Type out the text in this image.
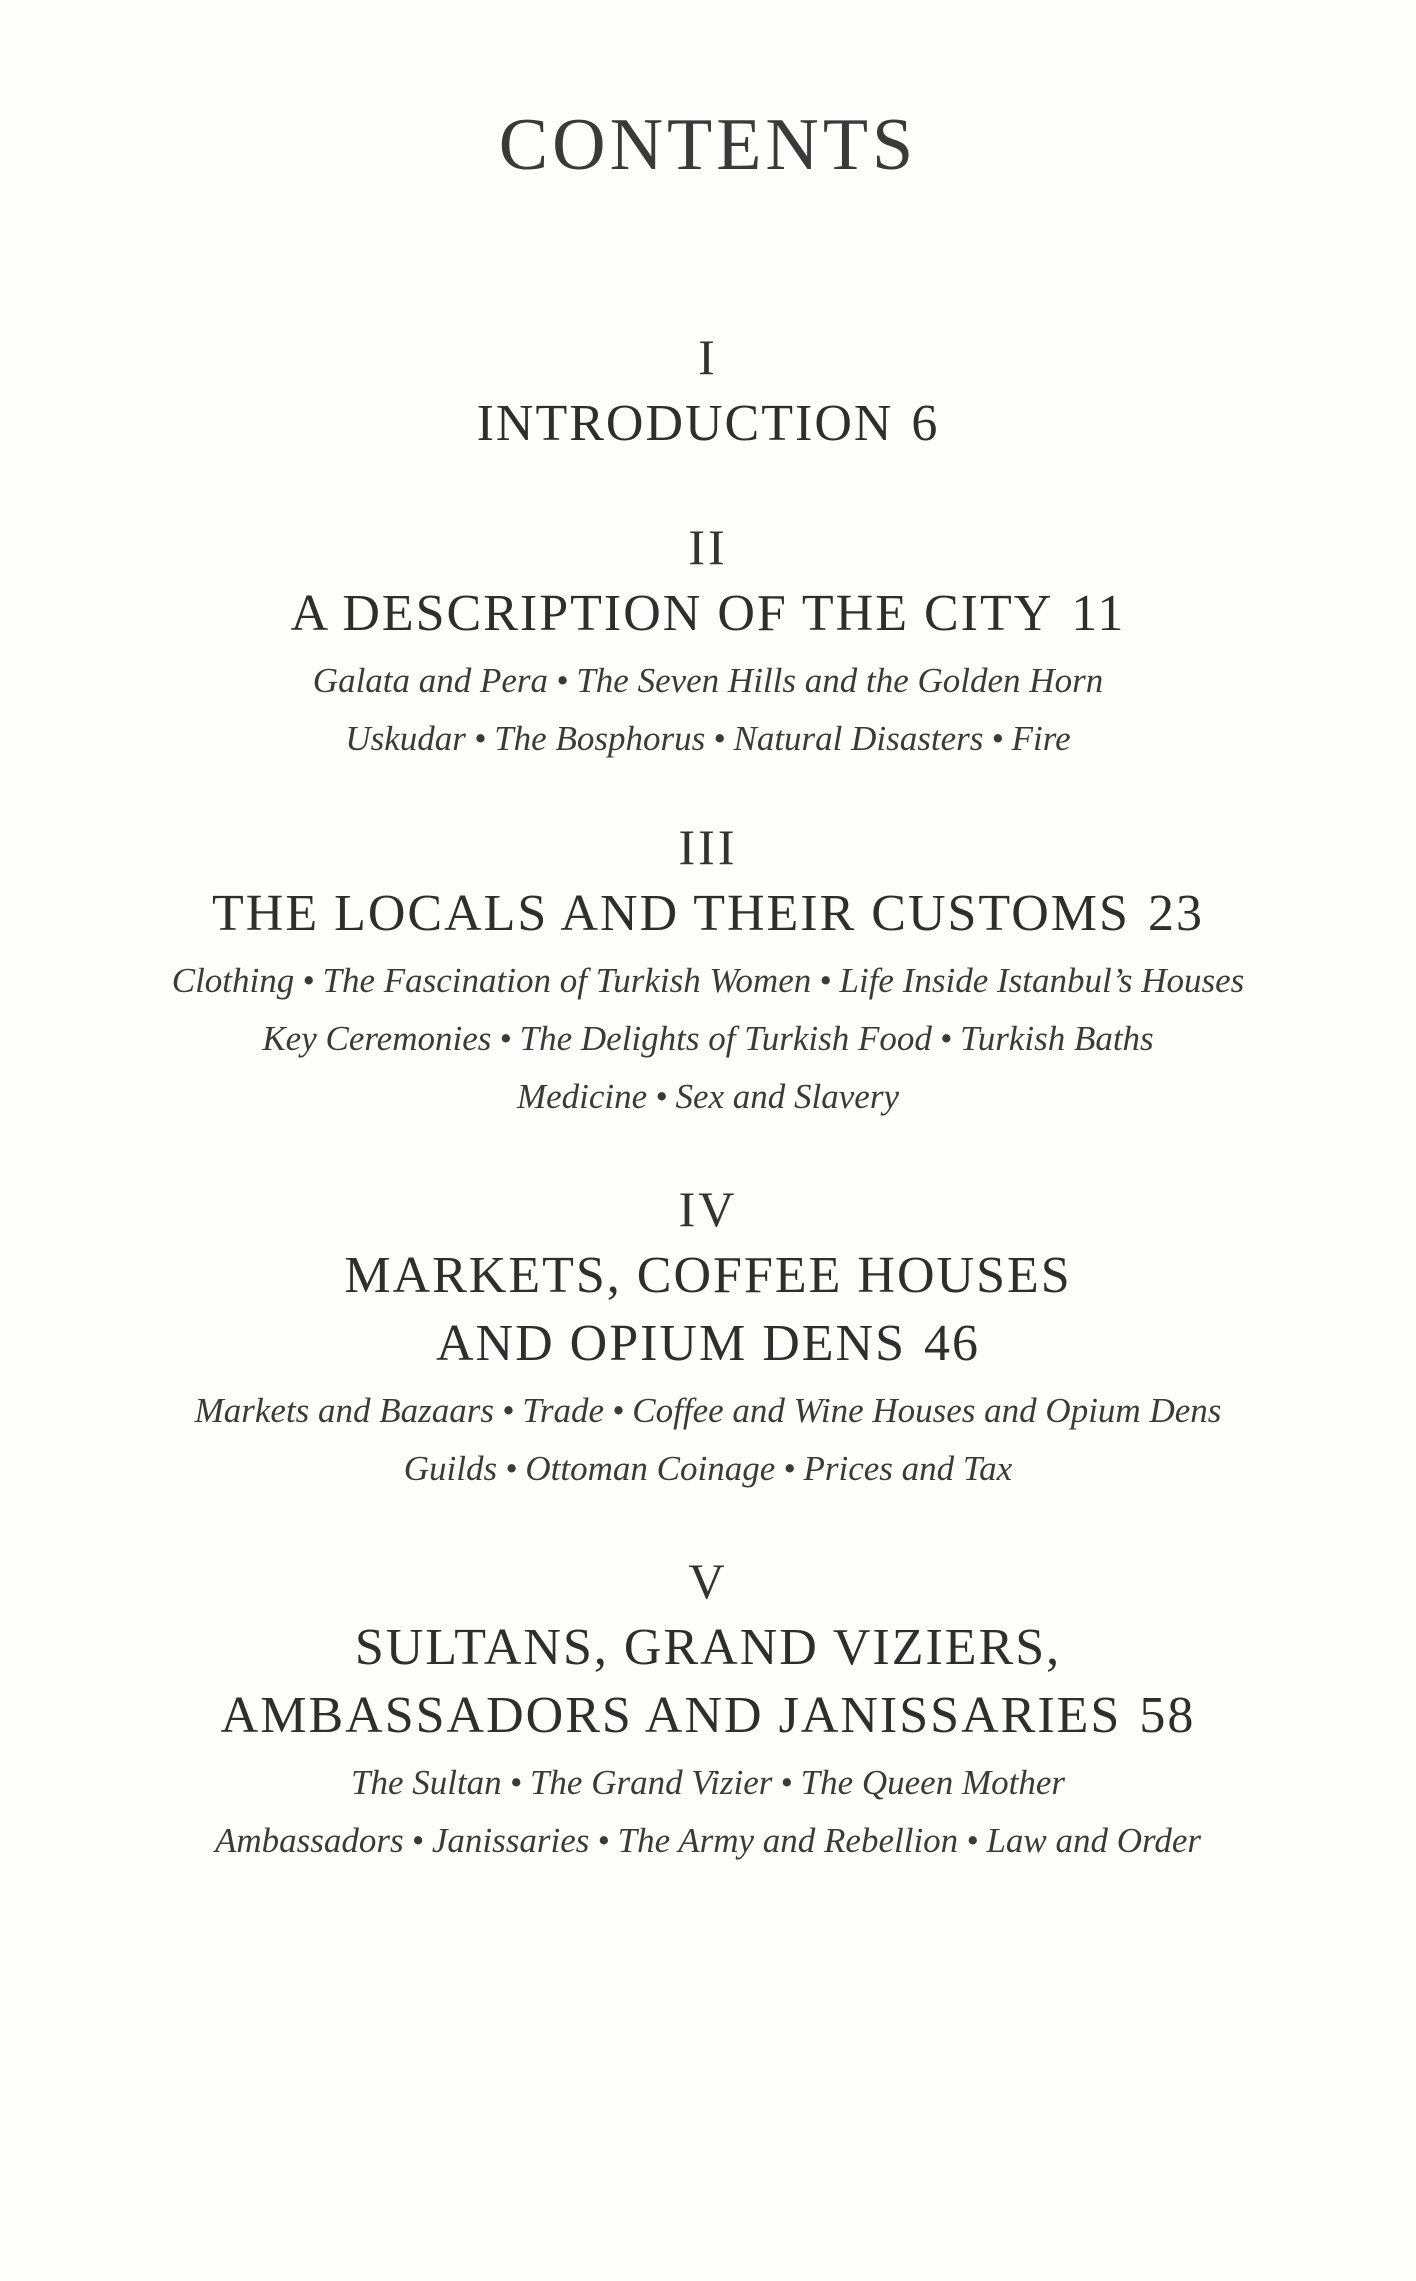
CONTENTS
I
INTRODUCTION 6
II
A DESCRIPTION OF THE CITY 11
Galata and Pera • The Seven Hills and the Golden Horn
Uskudar • The Bosphorus • Natural Disasters • Fire
III
THE LOCALS AND THEIR CUSTOMS 23
Clothing • The Fascination of Turkish Women • Life Inside Istanbul’s Houses
Key Ceremonies • The Delights of Turkish Food • Turkish Baths
Medicine • Sex and Slavery
IV
MARKETS, COFFEE HOUSES
AND OPIUM DENS 46
Markets and Bazaars • Trade • Coffee and Wine Houses and Opium Dens
Guilds • Ottoman Coinage • Prices and Tax
V
SULTANS, GRAND VIZIERS,
AMBASSADORS AND JANISSARIES 58
The Sultan • The Grand Vizier • The Queen Mother
Ambassadors • Janissaries • The Army and Rebellion • Law and Order
